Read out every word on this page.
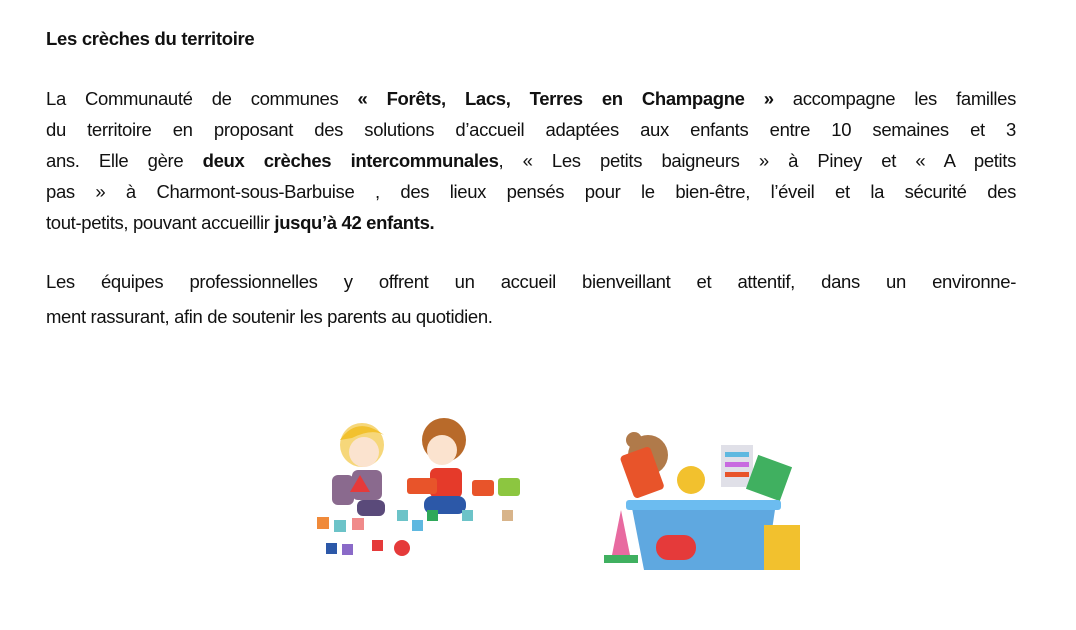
Les crèches du territoire
La Communauté de communes « Forêts, Lacs, Terres en Champagne » accompagne les familles
du territoire en proposant des solutions d’accueil adaptées aux enfants entre 10 semaines et 3
ans. Elle gère deux crèches intercommunales, « Les petits baigneurs » à Piney et « A petits
pas » à Charmont-sous-Barbuise , des lieux pensés pour le bien-être, l’éveil et la sécurité des
tout-petits, pouvant accueillir jusqu’à 42 enfants.
Les équipes professionnelles y offrent un accueil bienveillant et attentif, dans un environne-
ment rassurant, afin de soutenir les parents au quotidien.
